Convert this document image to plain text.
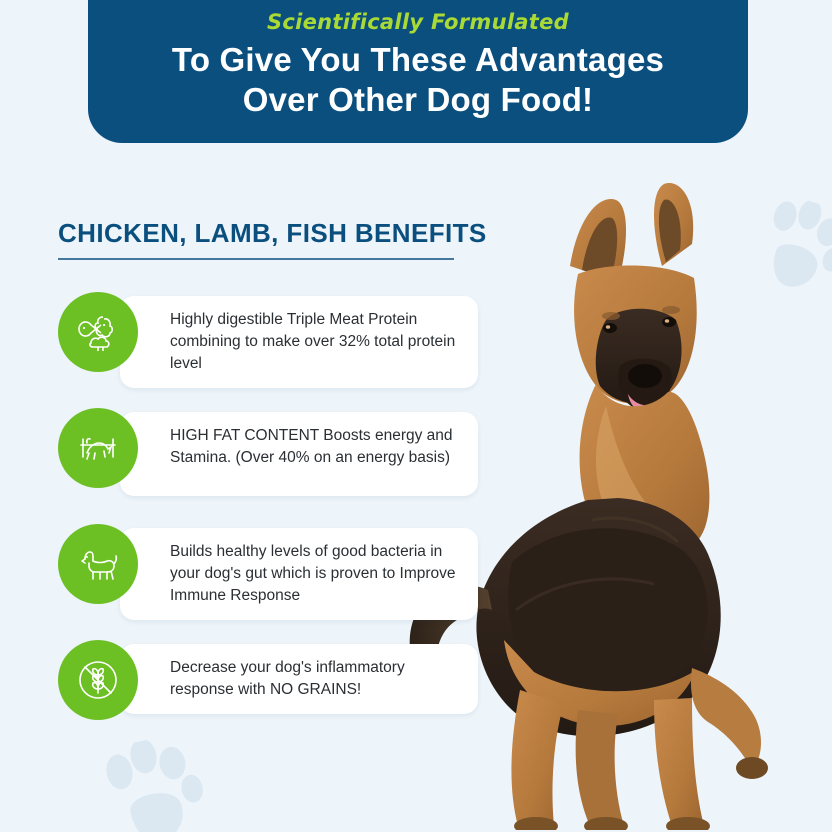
Scientifically Formulated
To Give You These Advantages
Over Other Dog Food!
CHICKEN, LAMB, FISH BENEFITS
Highly digestible Triple Meat Protein combining to make over 32% total protein level
HIGH FAT CONTENT Boosts energy and Stamina. (Over 40% on an energy basis)
Builds healthy levels of good bacteria in your dog's gut which is proven to Improve Immune Response
Decrease your dog's inflammatory response with NO GRAINS!
